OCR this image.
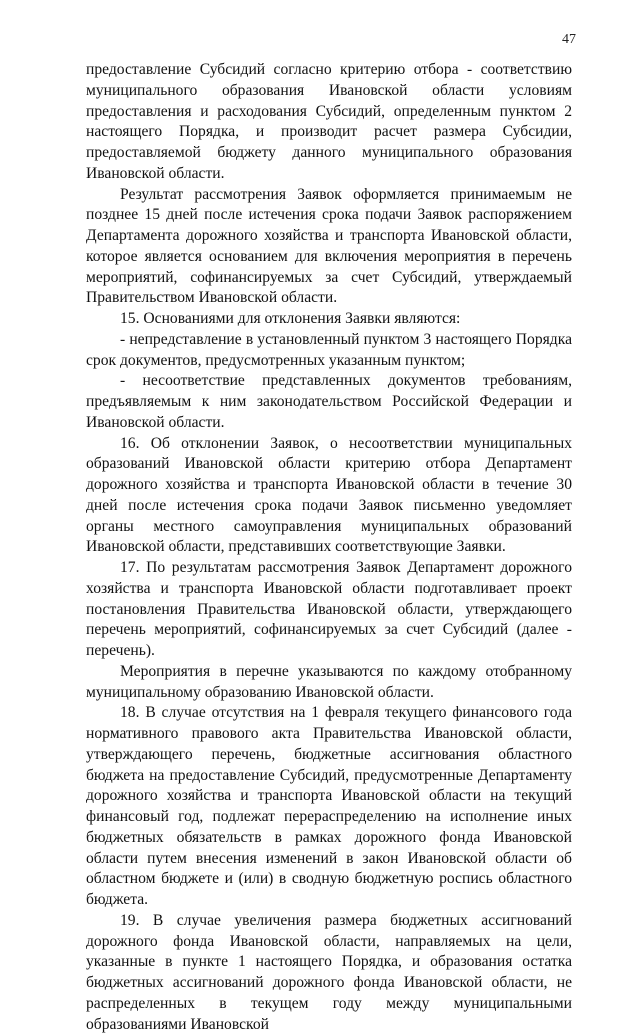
47

предоставление Субсидий согласно критерию отбора - соответствию муниципального образования Ивановской области условиям предоставления и расходования Субсидий, определенным пунктом 2 настоящего Порядка, и производит расчет размера Субсидии, предоставляемой бюджету данного муниципального образования Ивановской области.

Результат рассмотрения Заявок оформляется принимаемым не позднее 15 дней после истечения срока подачи Заявок распоряжением Департамента дорожного хозяйства и транспорта Ивановской области, которое является основанием для включения мероприятия в перечень мероприятий, софинансируемых за счет Субсидий, утверждаемый Правительством Ивановской области.

15. Основаниями для отклонения Заявки являются:

- непредставление в установленный пунктом 3 настоящего Порядка срок документов, предусмотренных указанным пунктом;

- несоответствие представленных документов требованиям, предъявляемым к ним законодательством Российской Федерации и Ивановской области.

16. Об отклонении Заявок, о несоответствии муниципальных образований Ивановской области критерию отбора Департамент дорожного хозяйства и транспорта Ивановской области в течение 30 дней после истечения срока подачи Заявок письменно уведомляет органы местного самоуправления муниципальных образований Ивановской области, представивших соответствующие Заявки.

17. По результатам рассмотрения Заявок Департамент дорожного хозяйства и транспорта Ивановской области подготавливает проект постановления Правительства Ивановской области, утверждающего перечень мероприятий, софинансируемых за счет Субсидий (далее - перечень).

Мероприятия в перечне указываются по каждому отобранному муниципальному образованию Ивановской области.

18. В случае отсутствия на 1 февраля текущего финансового года нормативного правового акта Правительства Ивановской области, утверждающего перечень, бюджетные ассигнования областного бюджета на предоставление Субсидий, предусмотренные Департаменту дорожного хозяйства и транспорта Ивановской области на текущий финансовый год, подлежат перераспределению на исполнение иных бюджетных обязательств в рамках дорожного фонда Ивановской области путем внесения изменений в закон Ивановской области об областном бюджете и (или) в сводную бюджетную роспись областного бюджета.

19. В случае увеличения размера бюджетных ассигнований дорожного фонда Ивановской области, направляемых на цели, указанные в пункте 1 настоящего Порядка, и образования остатка бюджетных ассигнований дорожного фонда Ивановской области, не распределенных в текущем году между муниципальными образованиями Ивановской
